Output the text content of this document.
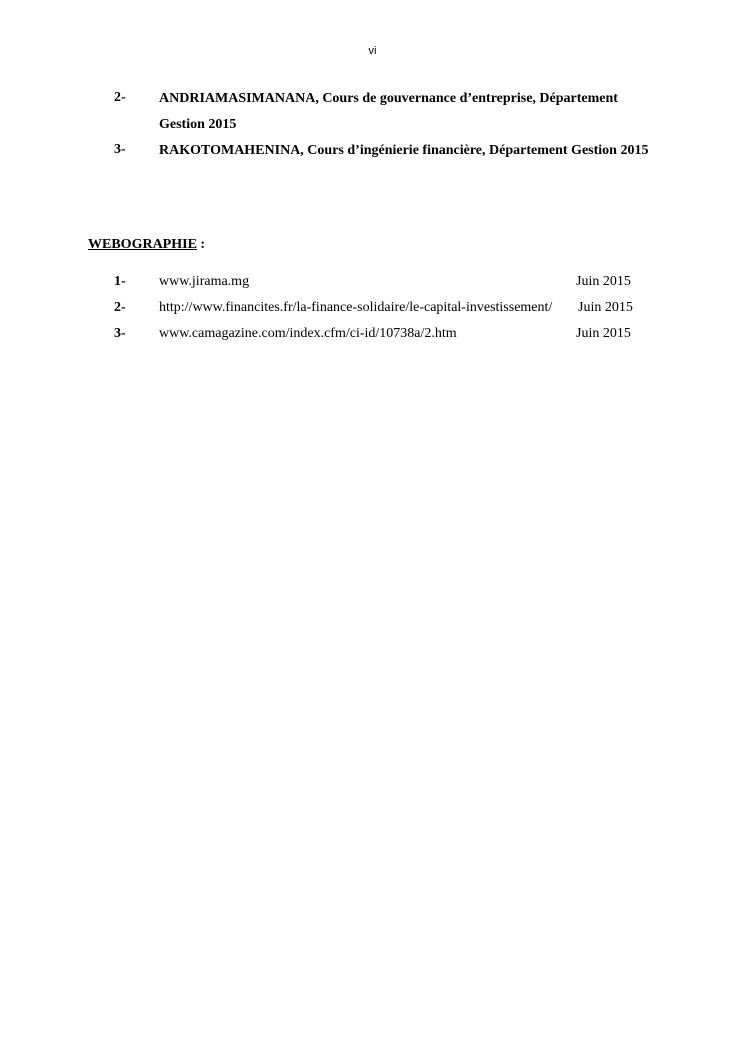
vi
2- ANDRIAMASIMANANA, Cours de gouvernance d’entreprise, Département Gestion 2015
3- RAKOTOMAHENINA, Cours d’ingénierie financière, Département Gestion 2015
WEBOGRAPHIE :
1- www.jirama.mg	Juin 2015
2- http://www.financites.fr/la-finance-solidaire/le-capital-investissement/ Juin 2015
3- www.camagazine.com/index.cfm/ci-id/10738a/2.htm	Juin 2015
